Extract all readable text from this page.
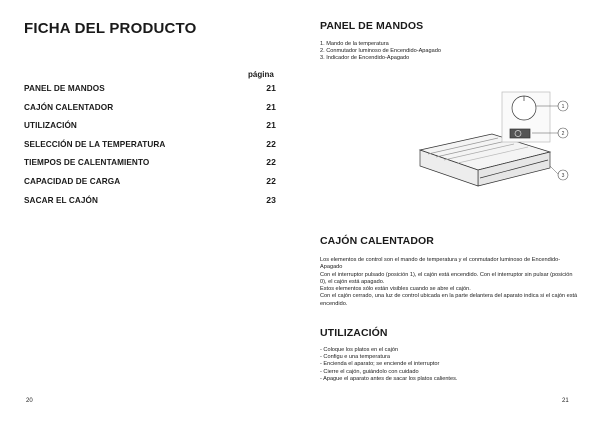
FICHA DEL PRODUCTO
página
PANEL DE MANDOS	21
CAJÓN CALENTADOR	21
UTILIZACIÓN	21
SELECCIÓN DE LA TEMPERATURA	22
TIEMPOS DE CALENTAMIENTO	22
CAPACIDAD DE CARGA	22
SACAR EL CAJÓN	23
20
PANEL DE MANDOS
1. Mando de la temperatura
2. Conmutador luminoso de Encendido-Apagado
3. Indicador de Encendido-Apagado
1
2
3
CAJÓN CALENTADOR

Los elementos de control son el mando de temperatura y el conmutador luminoso de Encendido-Apagado

Con el interruptor pulsado (posición 1), el cajón está encendido. Con el interruptor sin pulsar (posición 0), el cajón está apagado.

Estos elementos sólo están visibles cuando se abre el cajón.

Con el cajón cerrado, una luz de control ubicada en la parte delantera del aparato indica si el cajón está encendido.

UTILIZACIÓN
- Coloque los platos en el cajón
- Configu e una temperatura
- Encienda el aparato; se enciende el interruptor
- Cierre el cajón, guiándolo con cuidado
- Apague el aparato antes de sacar los platos calientes.
21
